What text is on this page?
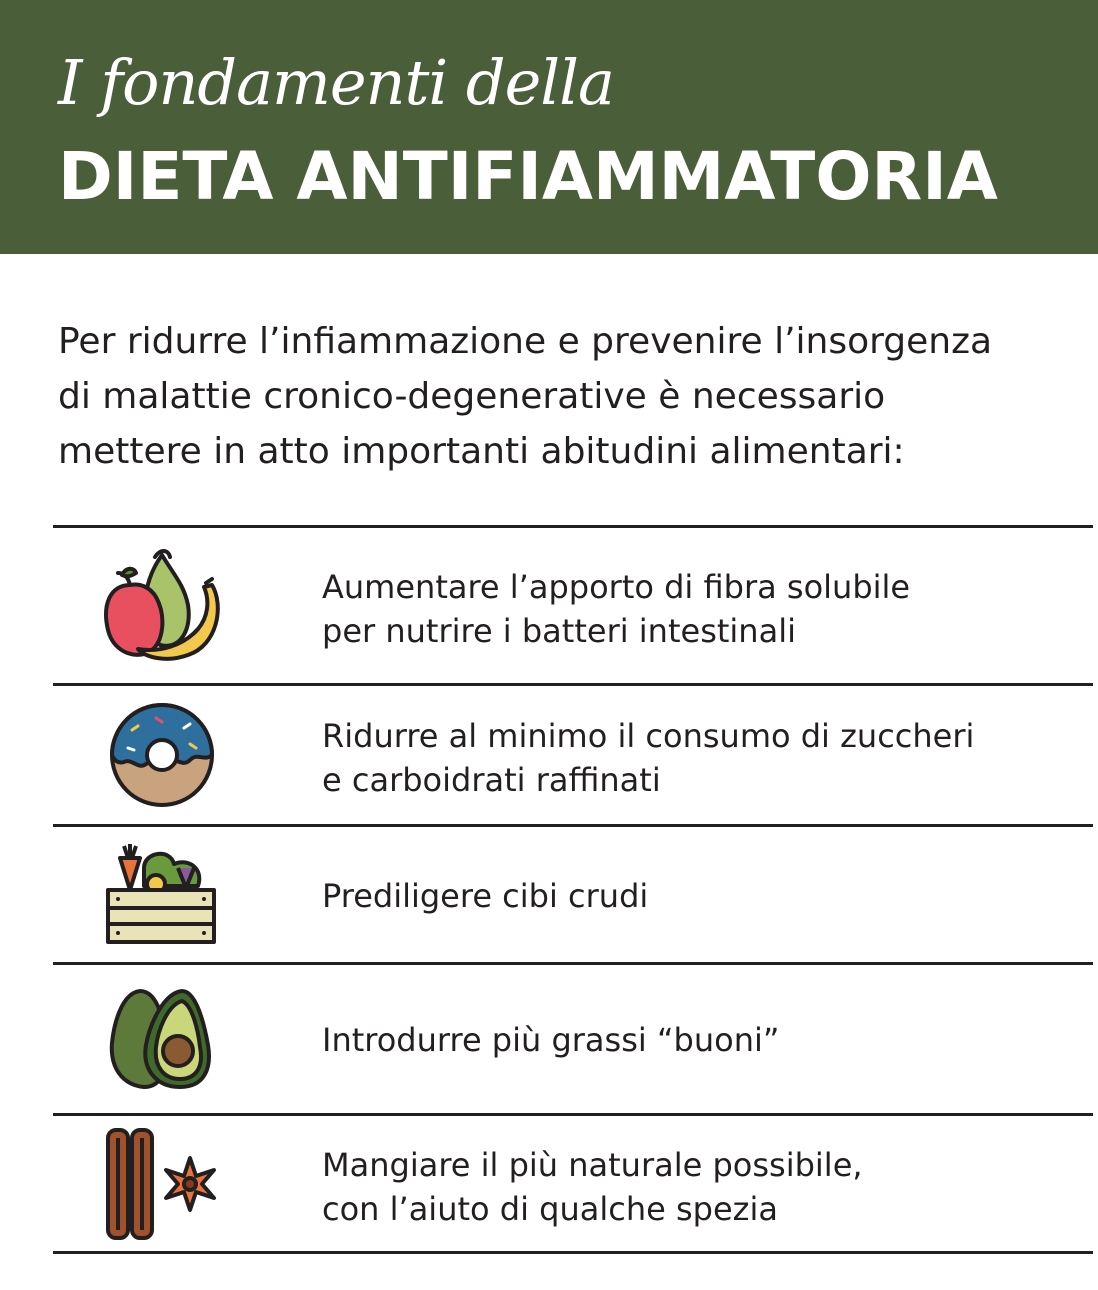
I fondamenti della
DIETA ANTIFIAMMATORIA
Per ridurre l’infiammazione e prevenire l’insorgenza
di malattie cronico-degenerative è necessario
mettere in atto importanti abitudini alimentari:
Aumentare l’apporto di fibra solubile
per nutrire i batteri intestinali
Ridurre al minimo il consumo di zuccheri
e carboidrati raffinati
Prediligere cibi crudi
Introdurre più grassi “buoni”
Mangiare il più naturale possibile,
con l’aiuto di qualche spezia
